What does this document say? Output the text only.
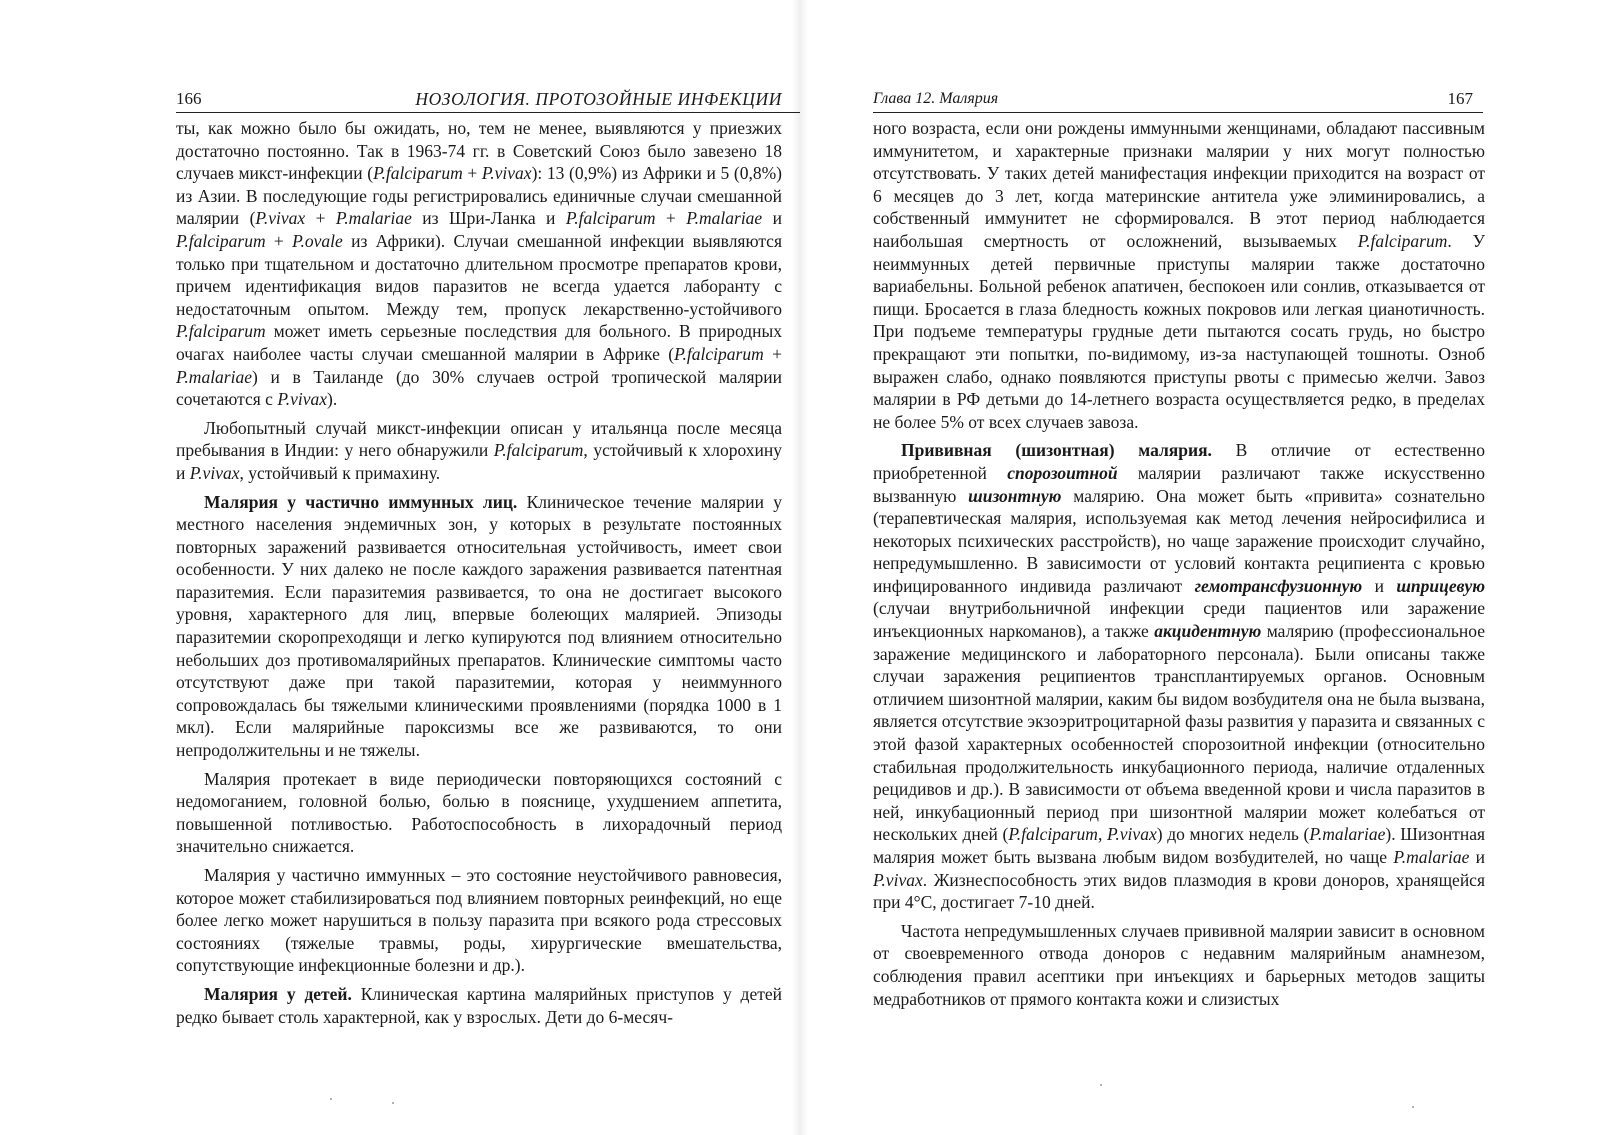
166	НОЗОЛОГИЯ. ПРОТОЗОЙНЫЕ ИНФЕКЦИИ

ты, как можно было бы ожидать, но, тем не менее, выявляются у приезжих достаточно постоянно. Так в 1963-74 гг. в Советский Союз было завезено 18 случаев микст-инфекции (P.falciparum + P.vivax): 13 (0,9%) из Африки и 5 (0,8%) из Азии. В последующие годы регистрировались единичные случаи смешанной малярии (P.vivax + P.malariae из Шри-Ланка и P.falciparum + P.malariae и P.falciparum + P.ovale из Африки). Случаи смешанной инфекции выявляются только при тщательном и достаточно длительном просмотре препаратов крови, причем идентификация видов паразитов не всегда удается лаборанту с недостаточным опытом. Между тем, пропуск лекарственно-устойчивого P.falciparum может иметь серьезные последствия для больного. В природных очагах наиболее часты случаи смешанной малярии в Африке (P.falciparum + P.malariae) и в Таиланде (до 30% случаев острой тропической малярии сочетаются с P.vivax).

Любопытный случай микст-инфекции описан у итальянца после месяца пребывания в Индии: у него обнаружили P.falciparum, устойчивый к хлорохину и P.vivax, устойчивый к примахину.

Малярия у частично иммунных лиц. Клиническое течение малярии у местного населения эндемичных зон, у которых в результате постоянных повторных заражений развивается относительная устойчивость, имеет свои особенности. У них далеко не после каждого заражения развивается патентная паразитемия. Если паразитемия развивается, то она не достигает высокого уровня, характерного для лиц, впервые болеющих малярией. Эпизоды паразитемии скоропреходящи и легко купируются под влиянием относительно небольших доз противомалярийных препаратов. Клинические симптомы часто отсутствуют даже при такой паразитемии, которая у неиммунного сопровождалась бы тяжелыми клиническими проявлениями (порядка 1000 в 1 мкл). Если малярийные пароксизмы все же развиваются, то они непродолжительны и не тяжелы.

Малярия протекает в виде периодически повторяющихся состояний с недомоганием, головной болью, болью в пояснице, ухудшением аппетита, повышенной потливостью. Работоспособность в лихорадочный период значительно снижается.

Малярия у частично иммунных – это состояние неустойчивого равновесия, которое может стабилизироваться под влиянием повторных реинфекций, но еще более легко может нарушиться в пользу паразита при всякого рода стрессовых состояниях (тяжелые травмы, роды, хирургические вмешательства, сопутствующие инфекционные болезни и др.).

Малярия у детей. Клиническая картина малярийных приступов у детей редко бывает столь характерной, как у взрослых. Дети до 6-месяч-

Глава 12. Малярия	167

ного возраста, если они рождены иммунными женщинами, обладают пассивным иммунитетом, и характерные признаки малярии у них могут полностью отсутствовать. У таких детей манифестация инфекции приходится на возраст от 6 месяцев до 3 лет, когда материнские антитела уже элиминировались, а собственный иммунитет не сформировался. В этот период наблюдается наибольшая смертность от осложнений, вызываемых P.falciparum. У неиммунных детей первичные приступы малярии также достаточно вариабельны. Больной ребенок апатичен, беспокоен или сонлив, отказывается от пищи. Бросается в глаза бледность кожных покровов или легкая цианотичность. При подъеме температуры грудные дети пытаются сосать грудь, но быстро прекращают эти попытки, по-видимому, из-за наступающей тошноты. Озноб выражен слабо, однако появляются приступы рвоты с примесью желчи. Завоз малярии в РФ детьми до 14-летнего возраста осуществляется редко, в пределах не более 5% от всех случаев завоза.

Прививная (шизонтная) малярия. В отличие от естественно приобретенной спорозоитной малярии различают также искусственно вызванную шизонтную малярию. Она может быть «привита» сознательно (терапевтическая малярия, используемая как метод лечения нейросифилиса и некоторых психических расстройств), но чаще заражение происходит случайно, непредумышленно. В зависимости от условий контакта реципиента с кровью инфицированного индивида различают гемотрансфузионную и шприцевую (случаи внутрибольничной инфекции среди пациентов или заражение инъекционных наркоманов), а также акцидентную малярию (профессиональное заражение медицинского и лабораторного персонала). Были описаны также случаи заражения реципиентов трансплантируемых органов. Основным отличием шизонтной малярии, каким бы видом возбудителя она не была вызвана, является отсутствие экзоэритроцитарной фазы развития у паразита и связанных с этой фазой характерных особенностей спорозоитной инфекции (относительно стабильная продолжительность инкубационного периода, наличие отдаленных рецидивов и др.). В зависимости от объема введенной крови и числа паразитов в ней, инкубационный период при шизонтной малярии может колебаться от нескольких дней (P.falciparum, P.vivax) до многих недель (P.malariae). Шизонтная малярия может быть вызвана любым видом возбудителей, но чаще P.malariae и P.vivax. Жизнеспособность этих видов плазмодия в крови доноров, хранящейся при 4°С, достигает 7-10 дней.

Частота непредумышленных случаев прививной малярии зависит в основном от своевременного отвода доноров с недавним малярийным анамнезом, соблюдения правил асептики при инъекциях и барьерных методов защиты медработников от прямого контакта кожи и слизистых
